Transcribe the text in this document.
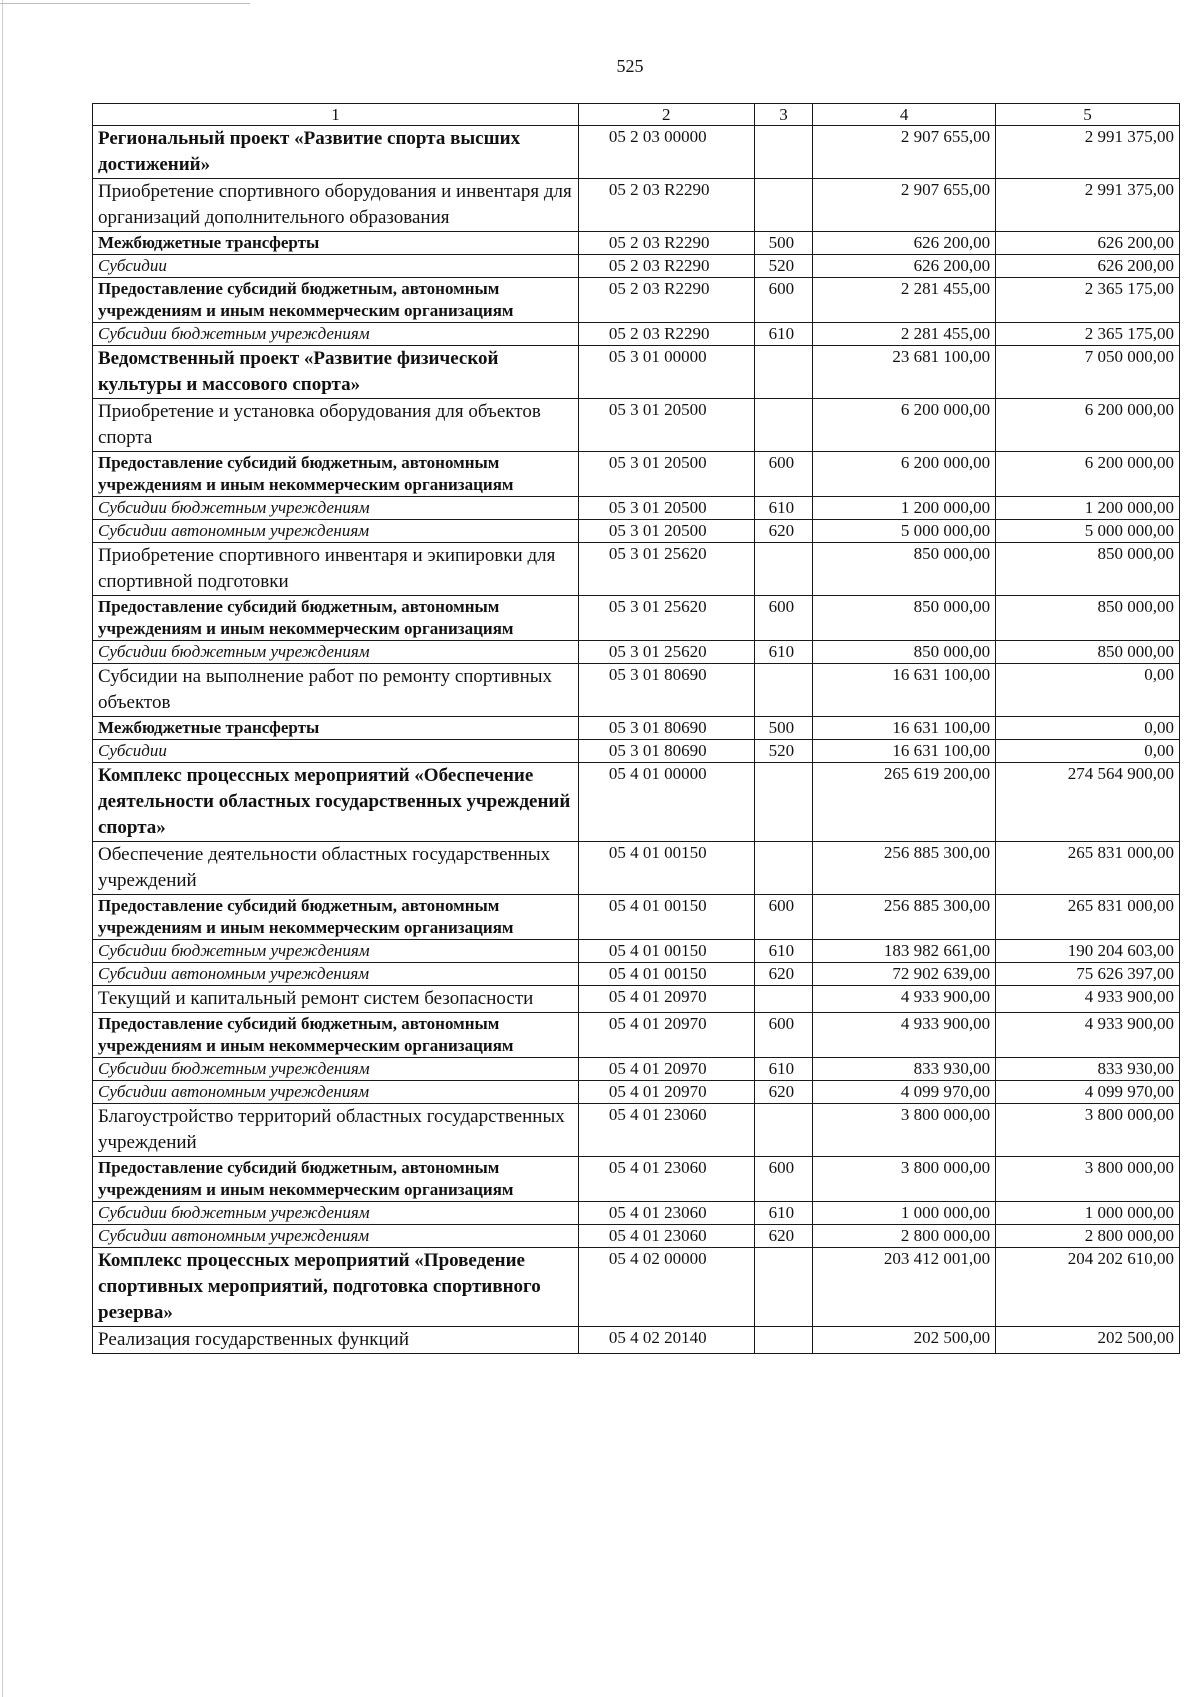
525
1	2	3	4	5
Региональный проект «Развитие спорта высших достижений»	05 2 03 00000		2 907 655,00	2 991 375,00
Приобретение спортивного оборудования и инвентаря для организаций дополнительного образования	05 2 03 R2290		2 907 655,00	2 991 375,00
Межбюджетные трансферты	05 2 03 R2290	500	626 200,00	626 200,00
Субсидии	05 2 03 R2290	520	626 200,00	626 200,00
Предоставление субсидий бюджетным, автономным учреждениям и иным некоммерческим организациям	05 2 03 R2290	600	2 281 455,00	2 365 175,00
Субсидии бюджетным учреждениям	05 2 03 R2290	610	2 281 455,00	2 365 175,00
Ведомственный проект «Развитие физической культуры и массового спорта»	05 3 01 00000		23 681 100,00	7 050 000,00
Приобретение и установка оборудования для объектов спорта	05 3 01 20500		6 200 000,00	6 200 000,00
Предоставление субсидий бюджетным, автономным учреждениям и иным некоммерческим организациям	05 3 01 20500	600	6 200 000,00	6 200 000,00
Субсидии бюджетным учреждениям	05 3 01 20500	610	1 200 000,00	1 200 000,00
Субсидии автономным учреждениям	05 3 01 20500	620	5 000 000,00	5 000 000,00
Приобретение спортивного инвентаря и экипировки для спортивной подготовки	05 3 01 25620		850 000,00	850 000,00
Предоставление субсидий бюджетным, автономным учреждениям и иным некоммерческим организациям	05 3 01 25620	600	850 000,00	850 000,00
Субсидии бюджетным учреждениям	05 3 01 25620	610	850 000,00	850 000,00
Субсидии на выполнение работ по ремонту спортивных объектов	05 3 01 80690		16 631 100,00	0,00
Межбюджетные трансферты	05 3 01 80690	500	16 631 100,00	0,00
Субсидии	05 3 01 80690	520	16 631 100,00	0,00
Комплекс процессных мероприятий «Обеспечение деятельности областных государственных учреждений спорта»	05 4 01 00000		265 619 200,00	274 564 900,00
Обеспечение деятельности областных государственных учреждений	05 4 01 00150		256 885 300,00	265 831 000,00
Предоставление субсидий бюджетным, автономным учреждениям и иным некоммерческим организациям	05 4 01 00150	600	256 885 300,00	265 831 000,00
Субсидии бюджетным учреждениям	05 4 01 00150	610	183 982 661,00	190 204 603,00
Субсидии автономным учреждениям	05 4 01 00150	620	72 902 639,00	75 626 397,00
Текущий и капитальный ремонт систем безопасности	05 4 01 20970		4 933 900,00	4 933 900,00
Предоставление субсидий бюджетным, автономным учреждениям и иным некоммерческим организациям	05 4 01 20970	600	4 933 900,00	4 933 900,00
Субсидии бюджетным учреждениям	05 4 01 20970	610	833 930,00	833 930,00
Субсидии автономным учреждениям	05 4 01 20970	620	4 099 970,00	4 099 970,00
Благоустройство территорий областных государственных учреждений	05 4 01 23060		3 800 000,00	3 800 000,00
Предоставление субсидий бюджетным, автономным учреждениям и иным некоммерческим организациям	05 4 01 23060	600	3 800 000,00	3 800 000,00
Субсидии бюджетным учреждениям	05 4 01 23060	610	1 000 000,00	1 000 000,00
Субсидии автономным учреждениям	05 4 01 23060	620	2 800 000,00	2 800 000,00
Комплекс процессных мероприятий «Проведение спортивных мероприятий, подготовка спортивного резерва»	05 4 02 00000		203 412 001,00	204 202 610,00
Реализация государственных функций	05 4 02 20140		202 500,00	202 500,00
